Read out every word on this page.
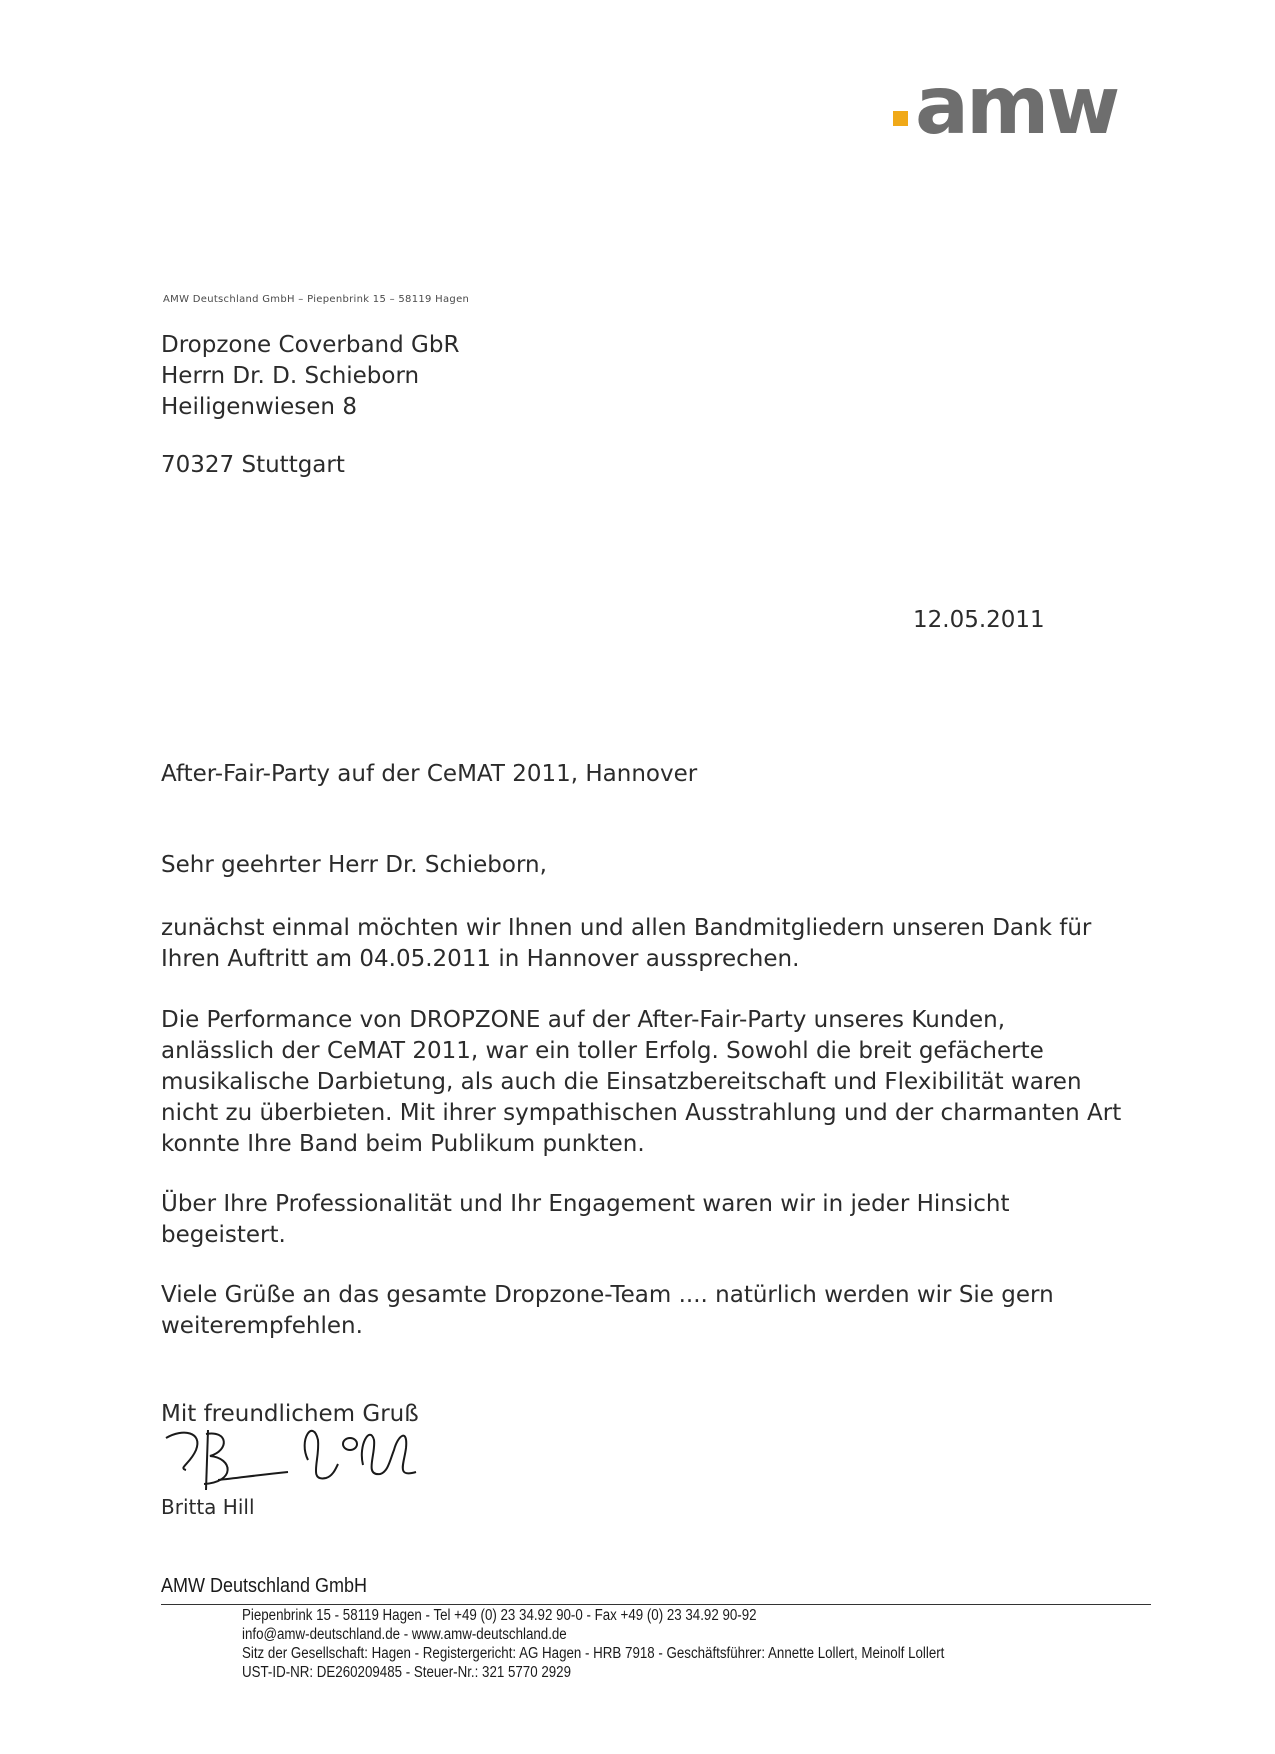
amw
AMW Deutschland GmbH – Piepenbrink 15 – 58119 Hagen
Dropzone Coverband GbR
Herrn Dr. D. Schieborn
Heiligenwiesen 8
70327 Stuttgart
12.05.2011
After-Fair-Party auf der CeMAT 2011, Hannover
Sehr geehrter Herr Dr. Schieborn,
zunächst einmal möchten wir Ihnen und allen Bandmitgliedern unseren Dank für
Ihren Auftritt am 04.05.2011 in Hannover aussprechen.
Die Performance von DROPZONE auf der After-Fair-Party unseres Kunden,
anlässlich der CeMAT 2011, war ein toller Erfolg. Sowohl die breit gefächerte
musikalische Darbietung, als auch die Einsatzbereitschaft und Flexibilität waren
nicht zu überbieten. Mit ihrer sympathischen Ausstrahlung und der charmanten Art
konnte Ihre Band beim Publikum punkten.
Über Ihre Professionalität und Ihr Engagement waren wir in jeder Hinsicht
begeistert.
Viele Grüße an das gesamte Dropzone-Team .... natürlich werden wir Sie gern
weiterempfehlen.
Mit freundlichem Gruß
Britta Hill
AMW Deutschland GmbH
Piepenbrink 15 - 58119 Hagen - Tel +49 (0) 23 34.92 90-0 - Fax +49 (0) 23 34.92 90-92
info@amw-deutschland.de - www.amw-deutschland.de
Sitz der Gesellschaft: Hagen - Registergericht: AG Hagen - HRB 7918 - Geschäftsführer: Annette Lollert, Meinolf Lollert
UST-ID-NR: DE260209485 - Steuer-Nr.: 321 5770 2929
